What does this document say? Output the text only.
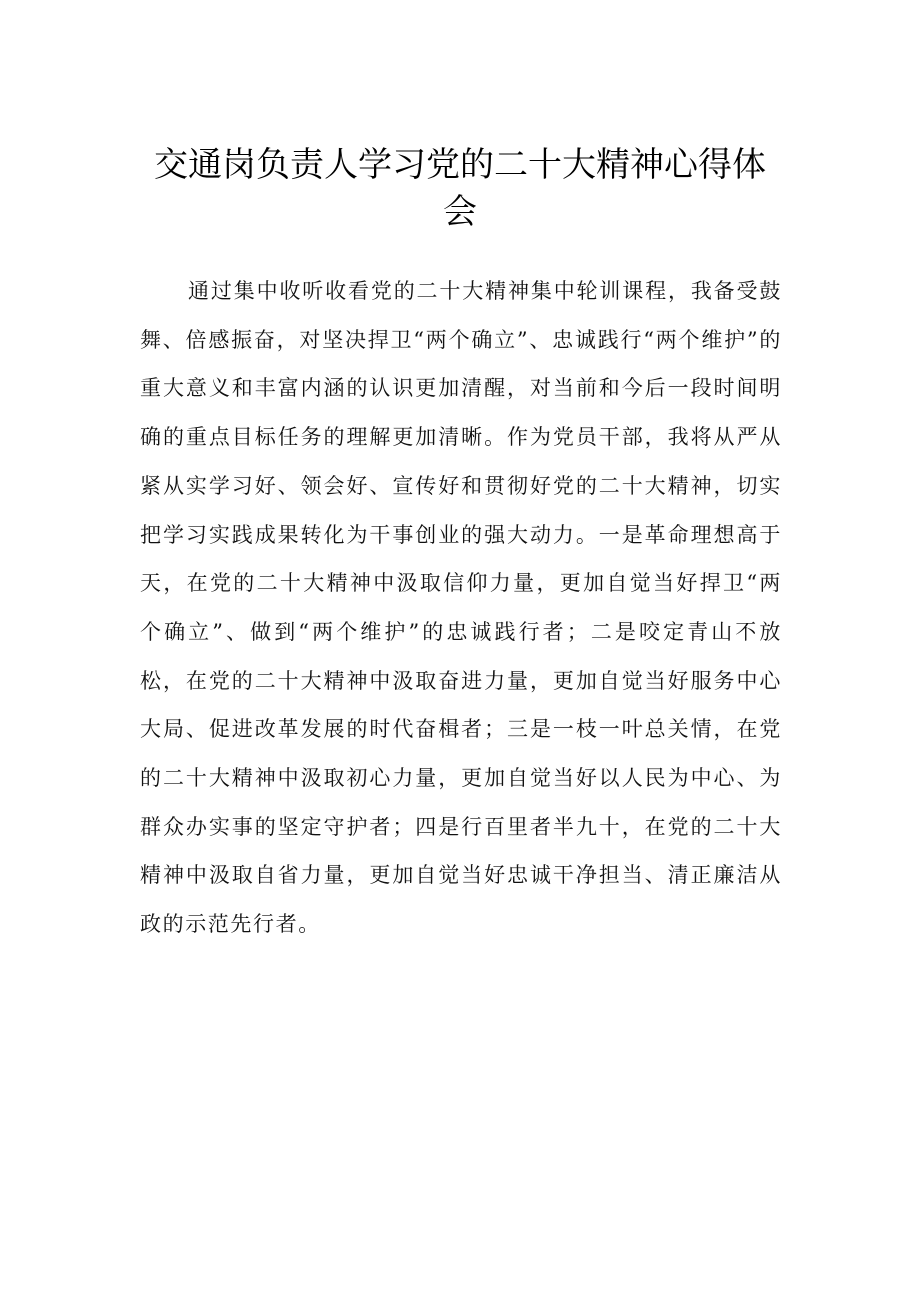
交通岗负责人学习党的二十大精神心得体会

通过集中收听收看党的二十大精神集中轮训课程，我备受鼓舞、倍感振奋，对坚决捍卫“两个确立”、忠诚践行“两个维护”的重大意义和丰富内涵的认识更加清醒，对当前和今后一段时间明确的重点目标任务的理解更加清晰。作为党员干部，我将从严从紧从实学习好、领会好、宣传好和贯彻好党的二十大精神，切实把学习实践成果转化为干事创业的强大动力。一是革命理想高于天，在党的二十大精神中汲取信仰力量，更加自觉当好捍卫“两个确立”、做到“两个维护”的忠诚践行者；二是咬定青山不放松，在党的二十大精神中汲取奋进力量，更加自觉当好服务中心大局、促进改革发展的时代奋楫者；三是一枝一叶总关情，在党的二十大精神中汲取初心力量，更加自觉当好以人民为中心、为群众办实事的坚定守护者；四是行百里者半九十，在党的二十大精神中汲取自省力量，更加自觉当好忠诚干净担当、清正廉洁从政的示范先行者。
